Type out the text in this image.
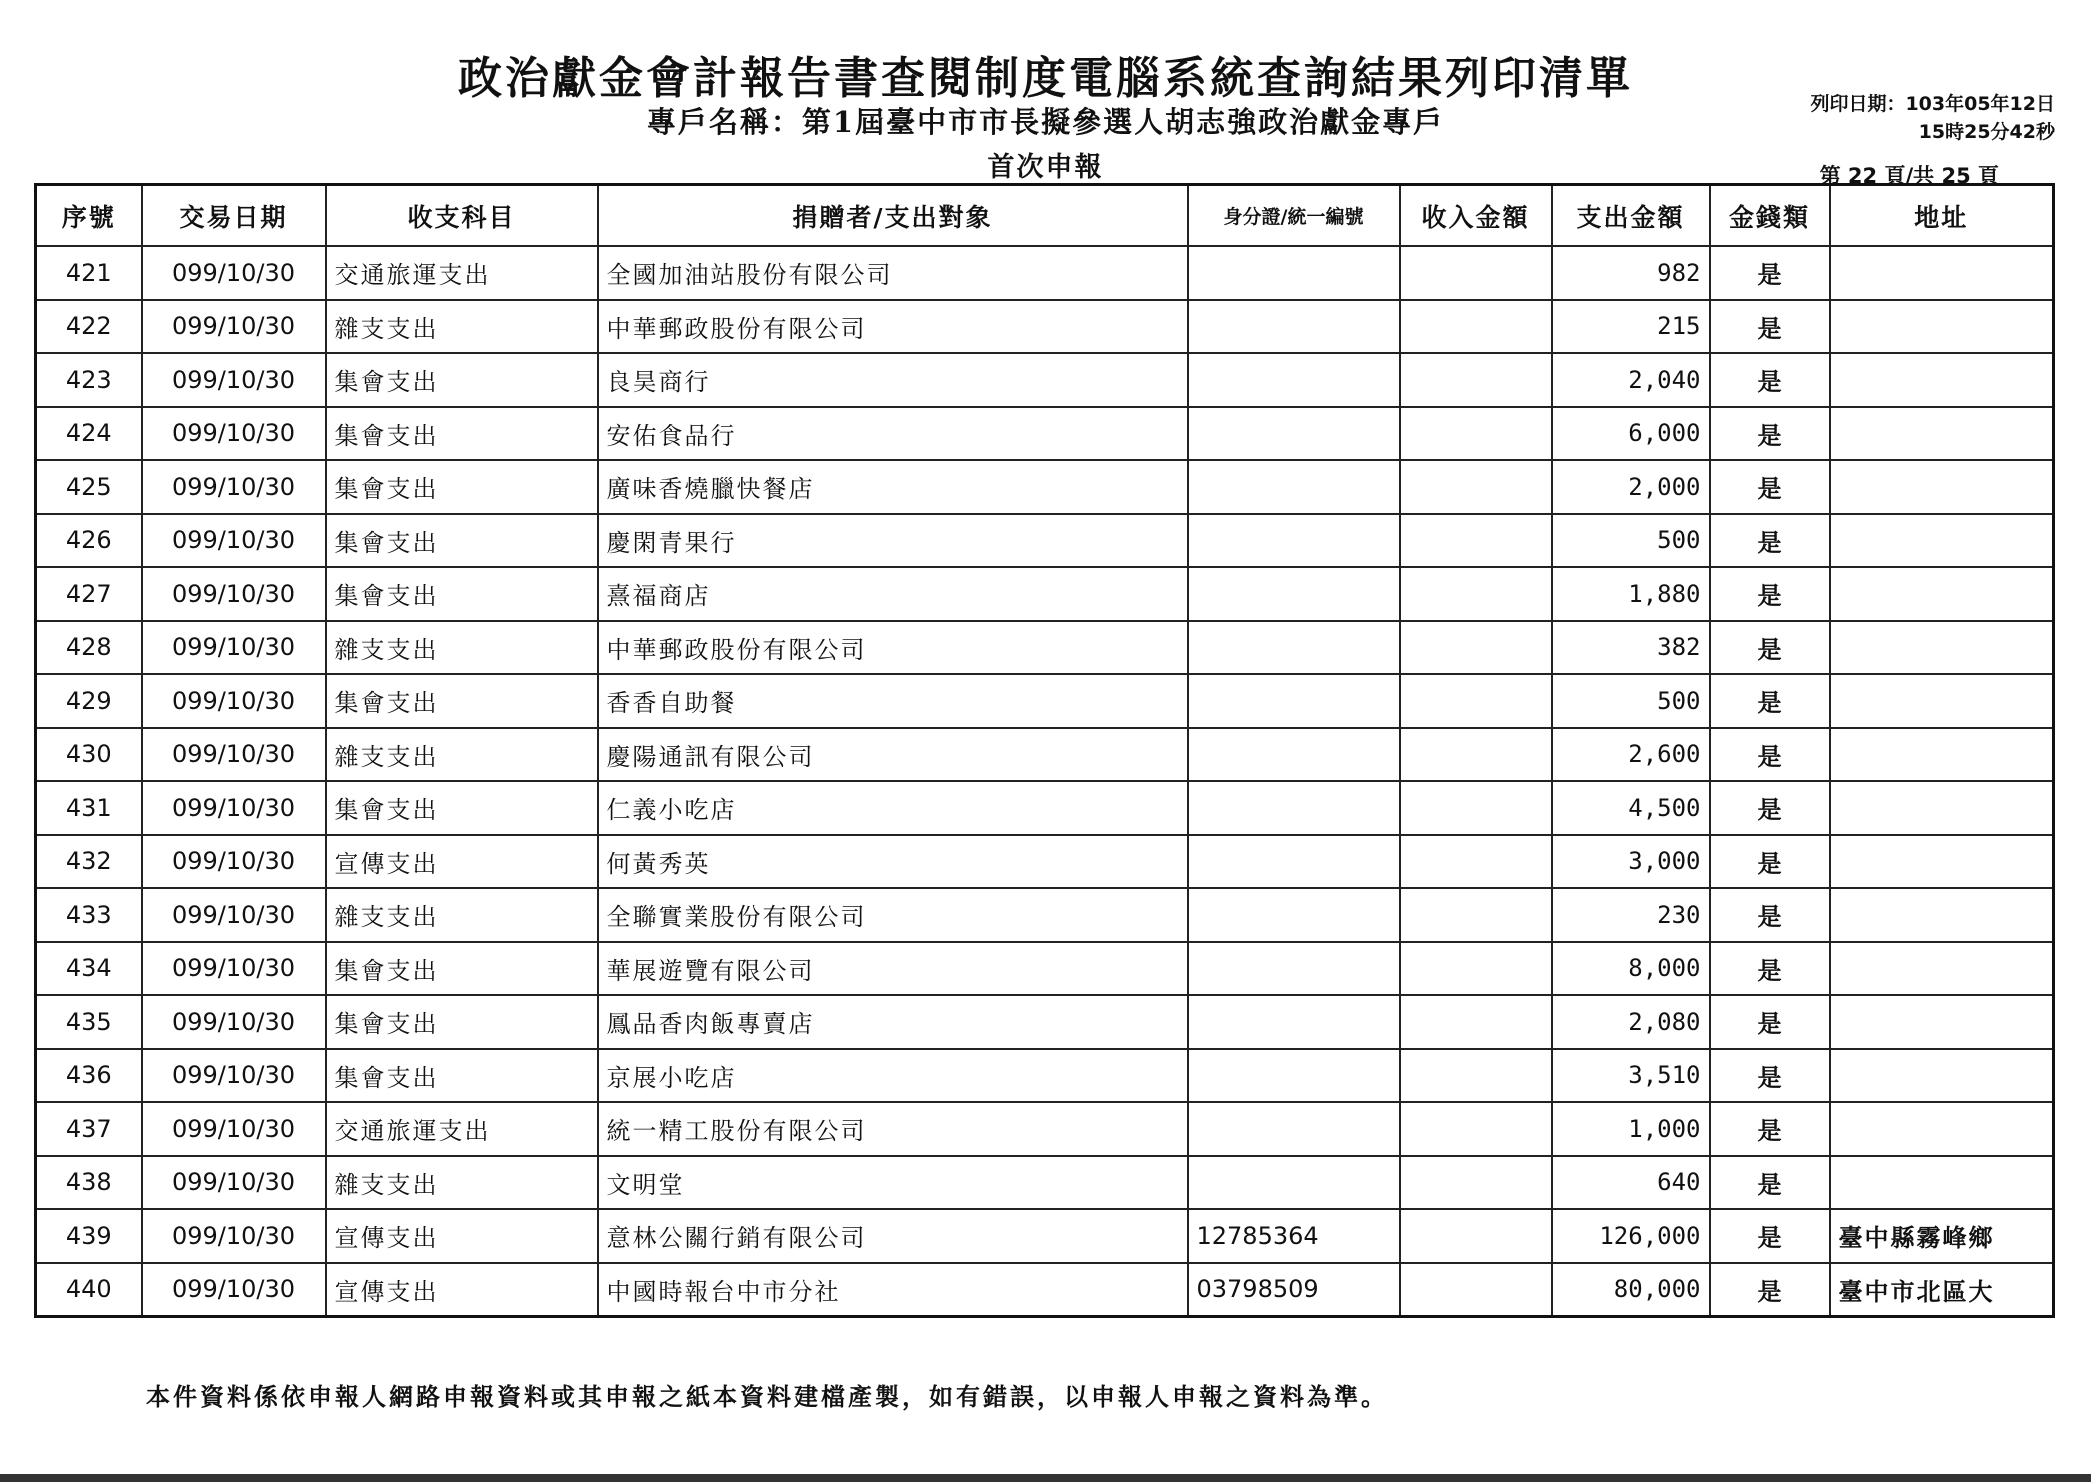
政治獻金會計報告書查閱制度電腦系統查詢結果列印清單
專戶名稱：第1屆臺中市市長擬參選人胡志強政治獻金專戶
首次申報
列印日期：103年05年12日
15時25分42秒
第 22 頁/共 25 頁
序號	交易日期	收支科目	捐贈者/支出對象	身分證/統一編號	收入金額	支出金額	金錢類	地址
421	099/10/30	交通旅運支出	全國加油站股份有限公司			982	是	
422	099/10/30	雜支支出	中華郵政股份有限公司			215	是	
423	099/10/30	集會支出	良昊商行			2,040	是	
424	099/10/30	集會支出	安佑食品行			6,000	是	
425	099/10/30	集會支出	廣味香燒臘快餐店			2,000	是	
426	099/10/30	集會支出	慶閑青果行			500	是	
427	099/10/30	集會支出	熹福商店			1,880	是	
428	099/10/30	雜支支出	中華郵政股份有限公司			382	是	
429	099/10/30	集會支出	香香自助餐			500	是	
430	099/10/30	雜支支出	慶陽通訊有限公司			2,600	是	
431	099/10/30	集會支出	仁義小吃店			4,500	是	
432	099/10/30	宣傳支出	何黃秀英			3,000	是	
433	099/10/30	雜支支出	全聯實業股份有限公司			230	是	
434	099/10/30	集會支出	華展遊覽有限公司			8,000	是	
435	099/10/30	集會支出	鳳品香肉飯專賣店			2,080	是	
436	099/10/30	集會支出	京展小吃店			3,510	是	
437	099/10/30	交通旅運支出	統一精工股份有限公司			1,000	是	
438	099/10/30	雜支支出	文明堂			640	是	
439	099/10/30	宣傳支出	意林公關行銷有限公司	12785364		126,000	是	臺中縣霧峰鄉
440	099/10/30	宣傳支出	中國時報台中市分社	03798509		80,000	是	臺中市北區大
本件資料係依申報人網路申報資料或其申報之紙本資料建檔產製，如有錯誤，以申報人申報之資料為準。
